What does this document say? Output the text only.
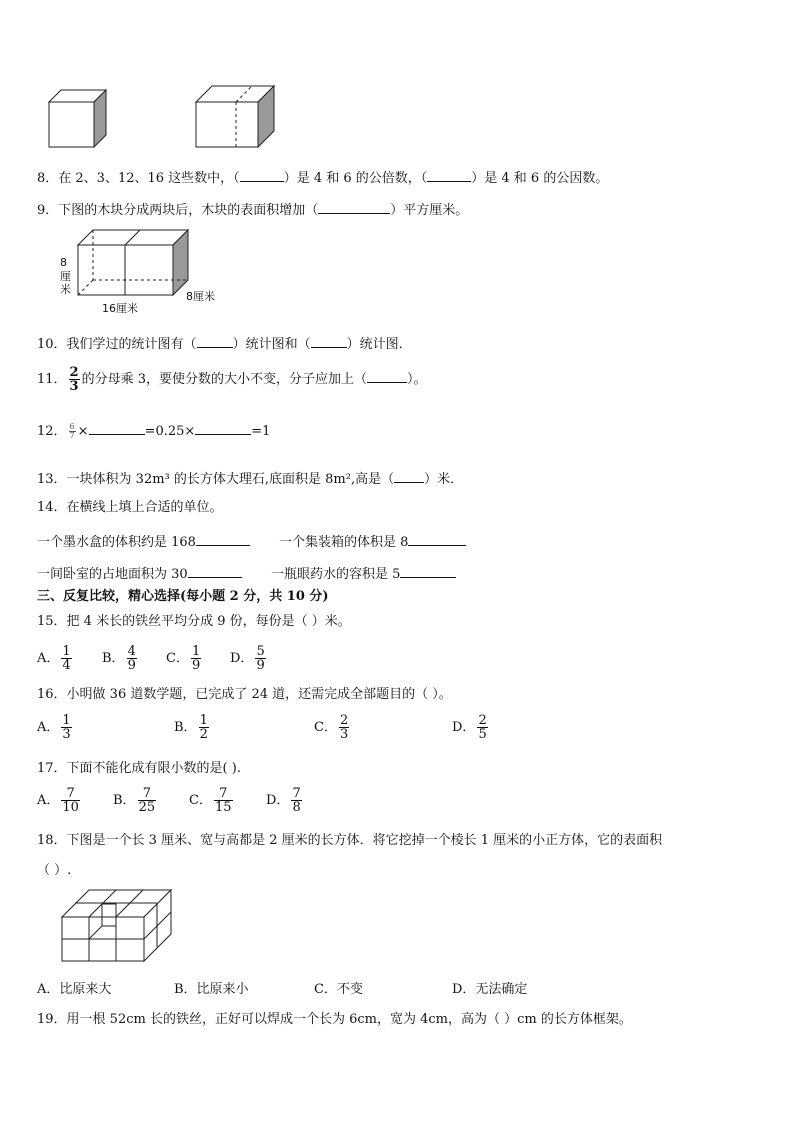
8．在 2、3、12、16 这些数中，（	）是 4 和 6 的公倍数，（	）是 4 和 6 的公因数。
9．下图的木块分成两块后，木块的表面积增加（	）平方厘米。
8
厘
米
16厘米
8厘米
10．我们学过的统计图有（	）统计图和（	）统计图．
11． $\frac{2}{3}$ 的分母乘 3，要使分数的大小不变，分子应加上（	）。
12． $\frac{6}{7}$ ×	=0.25×	=1
13．一块体积为 32m³ 的长方体大理石,底面积是 8m²,高是（ ）米．
14．在横线上填上合适的单位。
一个墨水盒的体积约是 168	一个集装箱的体积是 8
一间卧室的占地面积为 30	一瓶眼药水的容积是 5
三、反复比较，精心选择(每小题 2 分，共 10 分)
15．把 4 米长的铁丝平均分成 9 份，每份是（ ）米。
A． $\frac{1}{4}$ B． $\frac{4}{9}$ C． $\frac{1}{9}$ D． $\frac{5}{9}$
16．小明做 36 道数学题，已完成了 24 道，还需完成全部题目的（ ）。
A． $\frac{1}{3}$	B． $\frac{1}{2}$	C． $\frac{2}{3}$	D． $\frac{2}{5}$
17．下面不能化成有限小数的是( ).
A． $\frac{7}{10}$	B． $\frac{7}{25}$	C． $\frac{7}{15}$	D． $\frac{7}{8}$
18．下图是一个长 3 厘米、宽与高都是 2 厘米的长方体．将它挖掉一个棱长 1 厘米的小正方体，它的表面积
（ ）.
A．比原来大	B．比原来小	C．不变	D．无法确定
19．用一根 52cm 长的铁丝，正好可以焊成一个长为 6cm，宽为 4cm，高为（ ）cm 的长方体框架。
